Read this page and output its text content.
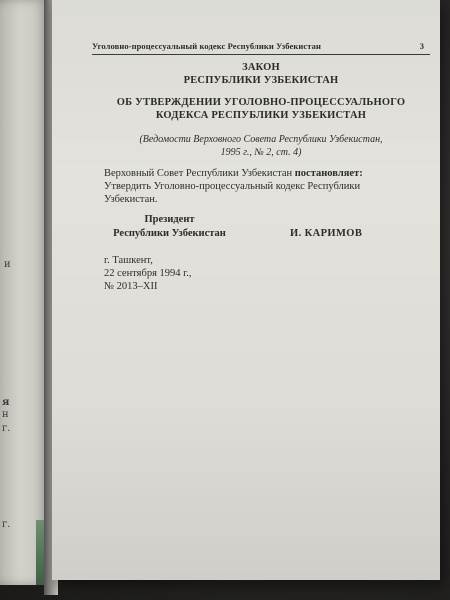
и
я
н
г.
г.
Уголовно-процессуальный кодекс Республики Узбекистан	3
ЗАКОН
РЕСПУБЛИКИ УЗБЕКИСТАН
ОБ УТВЕРЖДЕНИИ УГОЛОВНО-ПРОЦЕССУАЛЬНОГО
КОДЕКСА РЕСПУБЛИКИ УЗБЕКИСТАН
(Ведомости Верховного Совета Республики Узбекистан,
1995 г., № 2, ст. 4)
Верховный Совет Республики Узбекистан постановляет:
Утвердить Уголовно-процессуальный кодекс Республики
Узбекистан.
Президент
Республики Узбекистан	И. КАРИМОВ
г. Ташкент,
22 сентября 1994 г.,
№ 2013–XII
